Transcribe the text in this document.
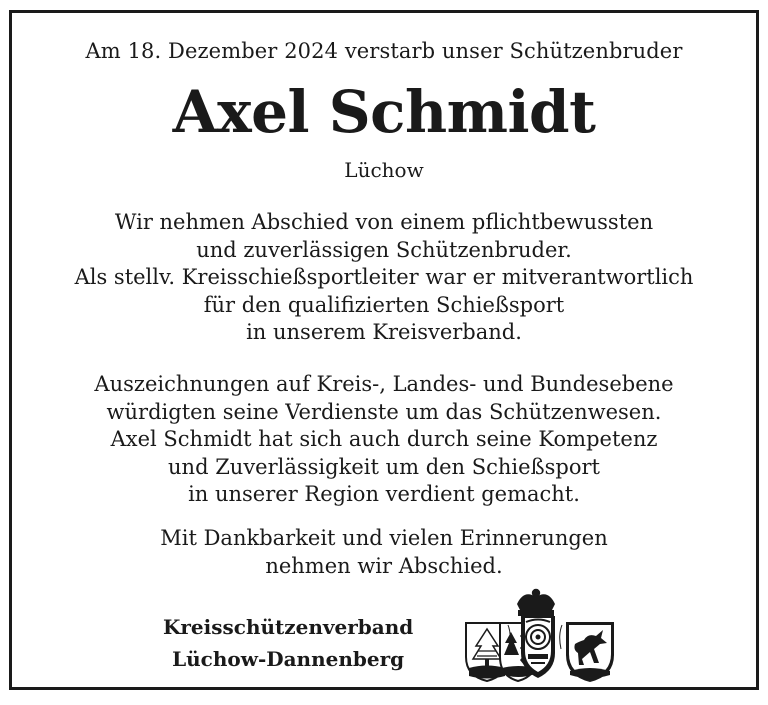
Am 18. Dezember 2024 verstarb unser Schützenbruder
Axel Schmidt
Lüchow
Wir nehmen Abschied von einem pflichtbewussten
und zuverlässigen Schützenbruder.
Als stellv. Kreisschießsportleiter war er mitverantwortlich
für den qualifizierten Schießsport
in unserem Kreisverband.
Auszeichnungen auf Kreis-, Landes- und Bundesebene
würdigten seine Verdienste um das Schützenwesen.
Axel Schmidt hat sich auch durch seine Kompetenz
und Zuverlässigkeit um den Schießsport
in unserer Region verdient gemacht.
Mit Dankbarkeit und vielen Erinnerungen
nehmen wir Abschied.
Kreisschützenverband
Lüchow-Dannenberg
